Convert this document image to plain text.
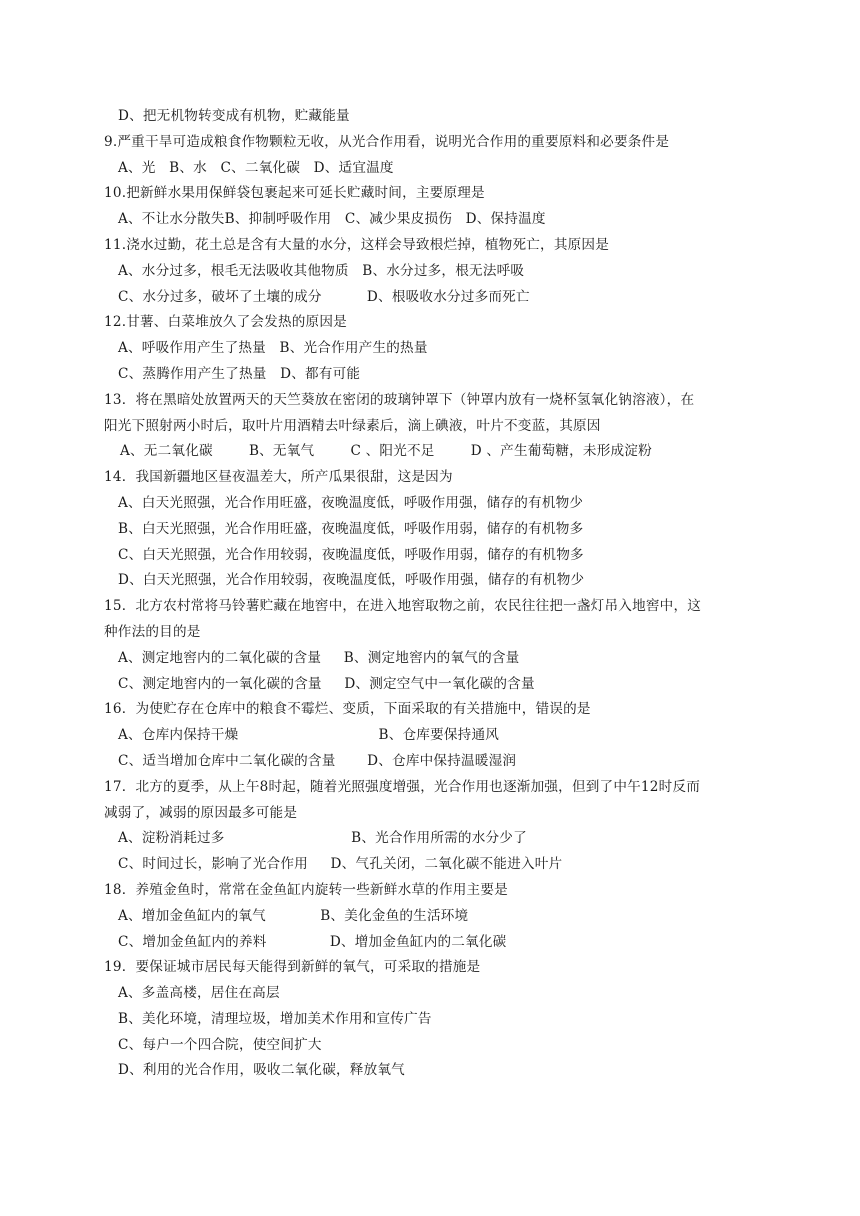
D、把无机物转变成有机物，贮藏能量
9.严重干旱可造成粮食作物颗粒无收，从光合作用看，说明光合作用的重要原料和必要条件是
A、光   B、水   C、二氧化碳   D、适宜温度
10.把新鲜水果用保鲜袋包裹起来可延长贮藏时间，主要原理是
A、不让水分散失B、抑制呼吸作用   C、减少果皮损伤   D、保持温度
11.浇水过勤，花土总是含有大量的水分，这样会导致根烂掉，植物死亡，其原因是
A、水分过多，根毛无法吸收其他物质   B、水分过多，根无法呼吸
C、水分过多，破坏了土壤的成分          D、根吸收水分过多而死亡
12.甘薯、白菜堆放久了会发热的原因是
A、呼吸作用产生了热量   B、光合作用产生的热量
C、蒸腾作用产生了热量   D、都有可能
13．将在黑暗处放置两天的天竺葵放在密闭的玻璃钟罩下（钟罩内放有一烧杯氢氧化钠溶液），在
阳光下照射两小时后，取叶片用酒精去叶绿素后，滴上碘液，叶片不变蓝，其原因
A、无二氧化碳        B、无氧气        C 、阳光不足        D 、产生葡萄糖，未形成淀粉
14．我国新疆地区昼夜温差大，所产瓜果很甜，这是因为
A、白天光照强，光合作用旺盛，夜晚温度低，呼吸作用强，储存的有机物少
B、白天光照强，光合作用旺盛，夜晚温度低，呼吸作用弱，储存的有机物多
C、白天光照强，光合作用较弱，夜晚温度低，呼吸作用弱，储存的有机物多
D、白天光照强，光合作用较弱，夜晚温度低，呼吸作用强，储存的有机物少
15．北方农村常将马铃薯贮藏在地窖中，在进入地窖取物之前，农民往往把一盏灯吊入地窖中，这
种作法的目的是
A、测定地窖内的二氧化碳的含量     B、测定地窖内的氧气的含量
C、测定地窖内的一氧化碳的含量     D、测定空气中一氧化碳的含量
16．为使贮存在仓库中的粮食不霉烂、变质，下面采取的有关措施中，错误的是
A、仓库内保持干燥                               B、仓库要保持通风
C、适当增加仓库中二氧化碳的含量       D、仓库中保持温暖湿润
17．北方的夏季，从上午8时起，随着光照强度增强，光合作用也逐渐加强，但到了中午12时反而
减弱了，减弱的原因最多可能是
A、淀粉消耗过多                            B、光合作用所需的水分少了
C、时间过长，影响了光合作用     D、气孔关闭，二氧化碳不能进入叶片
18．养殖金鱼时，常常在金鱼缸内旋转一些新鲜水草的作用主要是
A、增加金鱼缸内的氧气            B、美化金鱼的生活环境
C、增加金鱼缸内的养料              D、增加金鱼缸内的二氧化碳
19．要保证城市居民每天能得到新鲜的氧气，可采取的措施是
A、多盖高楼，居住在高层
B、美化环境，清理垃圾，增加美术作用和宣传广告
C、每户一个四合院，使空间扩大
D、利用的光合作用，吸收二氧化碳，释放氧气
